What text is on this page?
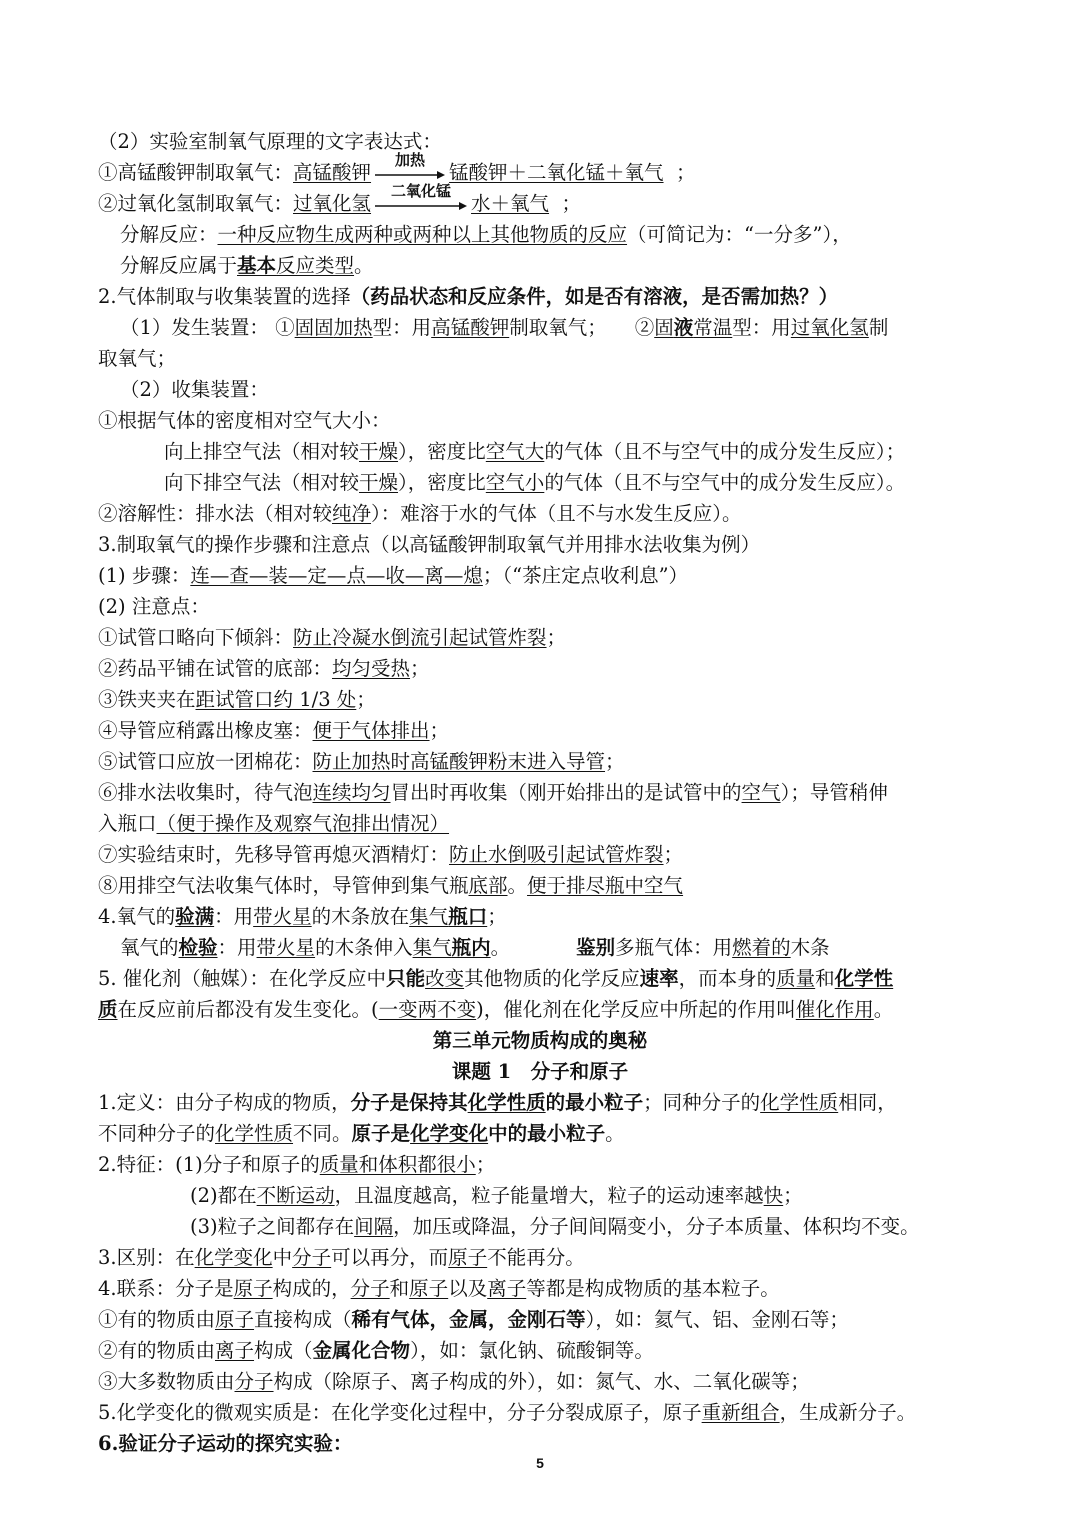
（2）实验室制氧气原理的文字表达式：
①高锰酸钾制取氧气：高锰酸钾
加热
锰酸钾＋二氧化锰＋氧气 ；
②过氧化氢制取氧气：过氧化氢
二氧化锰
水＋氧气 ；
分解反应：一种反应物生成两种或两种以上其他物质的反应（可简记为：“一分多”），
分解反应属于基本反应类型。
2.气体制取与收集装置的选择（药品状态和反应条件，如是否有溶液，是否需加热？）
（1）发生装置： ①固固加热型：用高锰酸钾制取氧气； ②固液常温型：用过氧化氢制
取氧气；
（2）收集装置：
①根据气体的密度相对空气大小：
向上排空气法（相对较干燥），密度比空气大的气体（且不与空气中的成分发生反应）；
向下排空气法（相对较干燥），密度比空气小的气体（且不与空气中的成分发生反应）。
②溶解性：排水法（相对较纯净）：难溶于水的气体（且不与水发生反应）。
3.制取氧气的操作步骤和注意点（以高锰酸钾制取氧气并用排水法收集为例）
(1) 步骤：连—查—装—定—点—收—离—熄；（“茶庄定点收利息”）
(2) 注意点：
①试管口略向下倾斜：防止冷凝水倒流引起试管炸裂；
②药品平铺在试管的底部：均匀受热；
③铁夹夹在距试管口约 1/3 处；
④导管应稍露出橡皮塞：便于气体排出；
⑤试管口应放一团棉花：防止加热时高锰酸钾粉末进入导管；
⑥排水法收集时，待气泡连续均匀冒出时再收集（刚开始排出的是试管中的空气）；导管稍伸
入瓶口（便于操作及观察气泡排出情况）
⑦实验结束时，先移导管再熄灭酒精灯：防止水倒吸引起试管炸裂；
⑧用排空气法收集气体时，导管伸到集气瓶底部。便于排尽瓶中空气
4.氧气的验满：用带火星的木条放在集气瓶口；
氧气的检验：用带火星的木条伸入集气瓶内。	鉴别多瓶气体：用燃着的木条
5. 催化剂（触媒）：在化学反应中只能改变其他物质的化学反应速率，而本身的质量和化学性
质在反应前后都没有发生变化。(一变两不变)，催化剂在化学反应中所起的作用叫催化作用。
第三单元物质构成的奥秘
课题 1　分子和原子
1.定义：由分子构成的物质，分子是保持其化学性质的最小粒子；同种分子的化学性质相同，
不同种分子的化学性质不同。原子是化学变化中的最小粒子。
2.特征：(1)分子和原子的质量和体积都很小；
(2)都在不断运动，且温度越高，粒子能量增大，粒子的运动速率越快；
(3)粒子之间都存在间隔，加压或降温，分子间间隔变小，分子本质量、体积均不变。
3.区别：在化学变化中分子可以再分，而原子不能再分。
4.联系：分子是原子构成的，分子和原子以及离子等都是构成物质的基本粒子。
①有的物质由原子直接构成（稀有气体，金属，金刚石等），如：氦气、铝、金刚石等；
②有的物质由离子构成（金属化合物），如：氯化钠、硫酸铜等。
③大多数物质由分子构成（除原子、离子构成的外），如：氮气、水、二氧化碳等；
5.化学变化的微观实质是：在化学变化过程中，分子分裂成原子，原子重新组合，生成新分子。
6.验证分子运动的探究实验：
5
